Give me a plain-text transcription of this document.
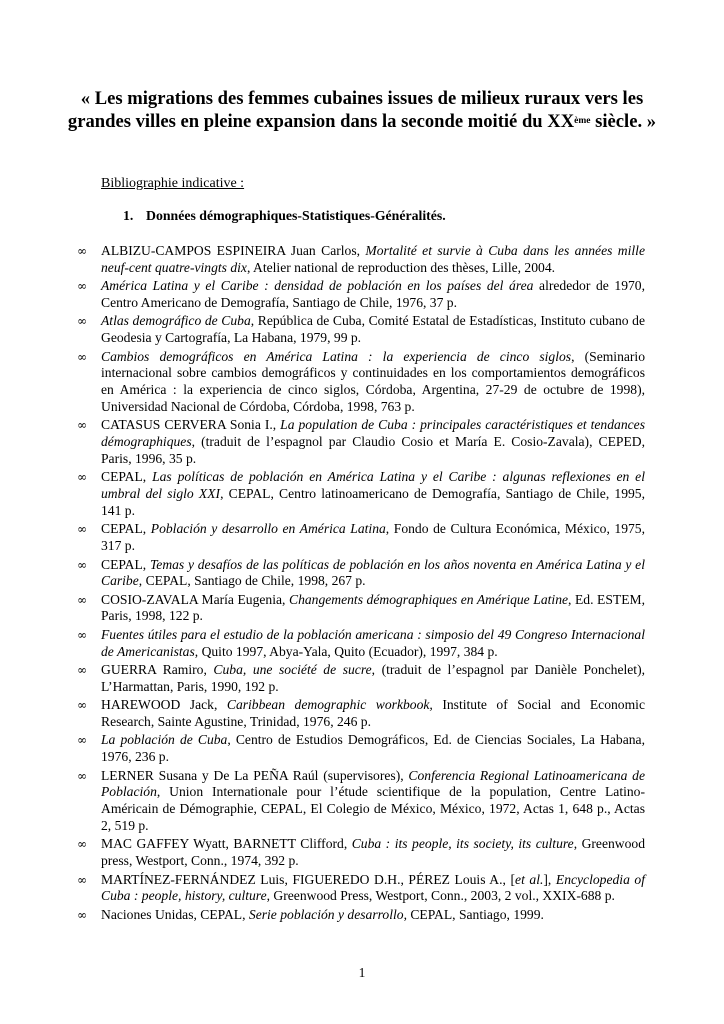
« Les migrations des femmes cubaines issues de milieux ruraux vers les grandes villes en pleine expansion dans la seconde moitié du XXème siècle. »
Bibliographie indicative :
1. Données démographiques-Statistiques-Généralités.
∞ ALBIZU-CAMPOS ESPINEIRA Juan Carlos, Mortalité et survie à Cuba dans les années mille neuf-cent quatre-vingts dix, Atelier national de reproduction des thèses, Lille, 2004.
∞ América Latina y el Caribe : densidad de población en los países del área alrededor de 1970, Centro Americano de Demografía, Santiago de Chile, 1976, 37 p.
∞ Atlas demográfico de Cuba, República de Cuba, Comité Estatal de Estadísticas, Instituto cubano de Geodesia y Cartografía, La Habana, 1979, 99 p.
∞ Cambios demográficos en América Latina : la experiencia de cinco siglos, (Seminario internacional sobre cambios demográficos y continuidades en los comportamientos demográficos en América : la experiencia de cinco siglos, Córdoba, Argentina, 27-29 de octubre de 1998), Universidad Nacional de Córdoba, Córdoba, 1998, 763 p.
∞ CATASUS CERVERA Sonia I., La population de Cuba : principales caractéristiques et tendances démographiques, (traduit de l’espagnol par Claudio Cosio et María E. Cosio-Zavala), CEPED, Paris, 1996, 35 p.
∞ CEPAL, Las políticas de población en América Latina y el Caribe : algunas reflexiones en el umbral del siglo XXI, CEPAL, Centro latinoamericano de Demografía, Santiago de Chile, 1995, 141 p.
∞ CEPAL, Población y desarrollo en América Latina, Fondo de Cultura Económica, México, 1975, 317 p.
∞ CEPAL, Temas y desafíos de las políticas de población en los años noventa en América Latina y el Caribe, CEPAL, Santiago de Chile, 1998, 267 p.
∞ COSIO-ZAVALA María Eugenia, Changements démographiques en Amérique Latine, Ed. ESTEM, Paris, 1998, 122 p.
∞ Fuentes útiles para el estudio de la población americana : simposio del 49 Congreso Internacional de Americanistas, Quito 1997, Abya-Yala, Quito (Ecuador), 1997, 384 p.
∞ GUERRA Ramiro, Cuba, une société de sucre, (traduit de l’espagnol par Danièle Ponchelet), L’Harmattan, Paris, 1990, 192 p.
∞ HAREWOOD Jack, Caribbean demographic workbook, Institute of Social and Economic Research, Sainte Agustine, Trinidad, 1976, 246 p.
∞ La población de Cuba, Centro de Estudios Demográficos, Ed. de Ciencias Sociales, La Habana, 1976, 236 p.
∞ LERNER Susana y De La PEÑA Raúl (supervisores), Conferencia Regional Latinoamericana de Población, Union Internationale pour l’étude scientifique de la population, Centre Latino-Américain de Démographie, CEPAL, El Colegio de México, México, 1972, Actas 1, 648 p., Actas 2, 519 p.
∞ MAC GAFFEY Wyatt, BARNETT Clifford, Cuba : its people, its society, its culture, Greenwood press, Westport, Conn., 1974, 392 p.
∞ MARTÍNEZ-FERNÁNDEZ Luis, FIGUEREDO D.H., PÉREZ Louis A., [et al.], Encyclopedia of Cuba : people, history, culture, Greenwood Press, Westport, Conn., 2003, 2 vol., XXIX-688 p.
∞ Naciones Unidas, CEPAL, Serie población y desarrollo, CEPAL, Santiago, 1999.
1
